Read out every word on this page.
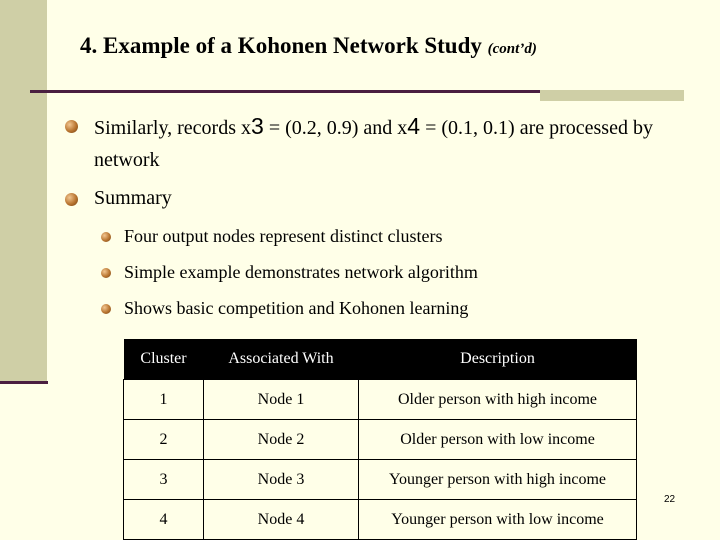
4. Example of a Kohonen Network Study (cont’d)
Similarly, records x3 = (0.2, 0.9) and x4 = (0.1, 0.1) are processed by network
Summary
Four output nodes represent distinct clusters
Simple example demonstrates network algorithm
Shows basic competition and Kohonen learning
Cluster	Associated With	Description
1	Node 1	Older person with high income
2	Node 2	Older person with low income
3	Node 3	Younger person with high income
4	Node 4	Younger person with low income
22
